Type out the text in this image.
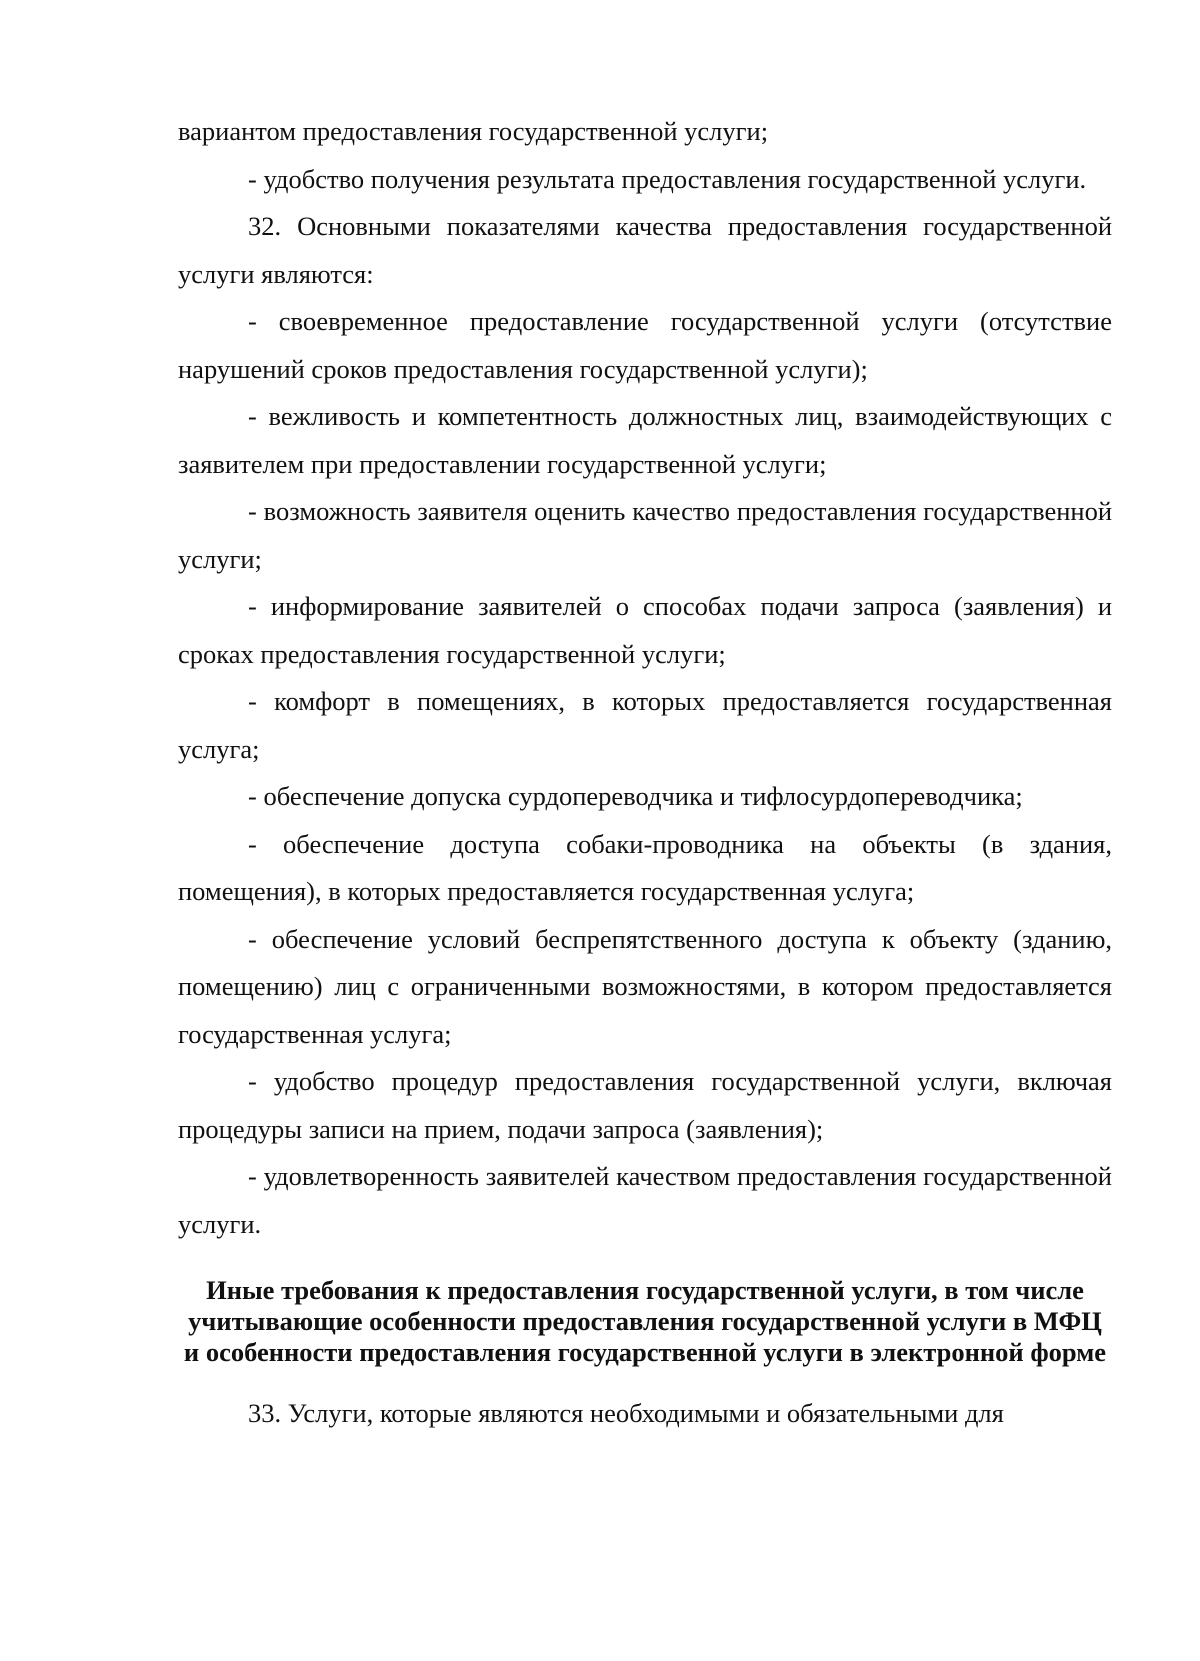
вариантом предоставления государственной услуги;

- удобство получения результата предоставления государственной услуги.

32. Основными показателями качества предоставления государственной услуги являются:

- своевременное предоставление государственной услуги (отсутствие нарушений сроков предоставления государственной услуги);

- вежливость и компетентность должностных лиц, взаимодействующих с заявителем при предоставлении государственной услуги;

- возможность заявителя оценить качество предоставления государственной услуги;

- информирование заявителей о способах подачи запроса (заявления) и сроках предоставления государственной услуги;

- комфорт в помещениях, в которых предоставляется государственная услуга;

- обеспечение допуска сурдопереводчика и тифлосурдопереводчика;

- обеспечение доступа собаки-проводника на объекты (в здания, помещения), в которых предоставляется государственная услуга;

- обеспечение условий беспрепятственного доступа к объекту (зданию, помещению) лиц с ограниченными возможностями, в котором предоставляется государственная услуга;

- удобство процедур предоставления государственной услуги, включая процедуры записи на прием, подачи запроса (заявления);

- удовлетворенность заявителей качеством предоставления государственной услуги.

Иные требования к предоставления государственной услуги, в том числе учитывающие особенности предоставления государственной услуги в МФЦ и особенности предоставления государственной услуги в электронной форме

33. Услуги, которые являются необходимыми и обязательными для
